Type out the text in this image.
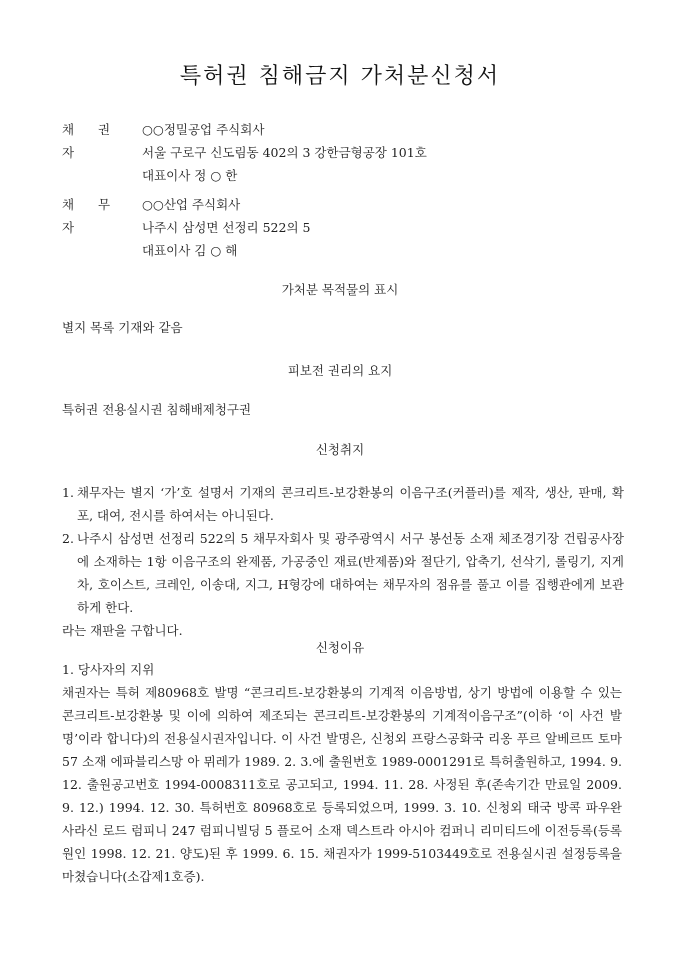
특허권 침해금지 가처분신청서
채 권 자
○○정밀공업 주식회사
서울 구로구 신도림동 402의 3 강한금형공장 101호
대표이사 정 ○ 한
채 무 자
○○산업 주식회사
나주시 삼성면 선정리 522의 5
대표이사 김 ○ 해
가처분 목적물의 표시
별지 목록 기재와 같음
피보전 권리의 요지
특허권 전용실시권 침해배제청구권
신청취지
1. 채무자는 별지 ‘가’호 설명서 기재의 콘크리트-보강환봉의 이음구조(커플러)를 제작, 생산, 판매, 확포, 대여, 전시를 하여서는 아니된다.
2. 나주시 삼성면 선정리 522의 5 채무자회사 및 광주광역시 서구 봉선동 소재 체조경기장 건립공사장에 소재하는 1항 이음구조의 완제품, 가공중인 재료(반제품)와 절단기, 압축기, 선삭기, 롤링기, 지게차, 호이스트, 크레인, 이송대, 지그, H형강에 대하여는 채무자의 점유를 풀고 이를 집행관에게 보관하게 한다.
라는 재판을 구합니다.
신청이유
1. 당사자의 지위
채권자는 특허 제80968호 발명 “콘크리트-보강환봉의 기계적 이음방법, 상기 방법에 이용할 수 있는 콘크리트-보강환봉 및 이에 의하여 제조되는 콘크리트-보강환봉의 기계적이음구조”(이하 ‘이 사건 발명’이라 합니다)의 전용실시권자입니다. 이 사건 발명은, 신청외 프랑스공화국 리옹 푸르 알베르뜨 토마 57 소재 에파블리스망 아 뮈레가 1989. 2. 3.에 출원번호 1989-0001291로 특허출원하고, 1994. 9. 12. 출원공고번호 1994-0008311호로 공고되고, 1994. 11. 28. 사정된 후(존속기간 만료일 2009. 9. 12.) 1994. 12. 30. 특허번호 80968호로 등록되었으며, 1999. 3. 10. 신청외 태국 방콕 파우완 사라신 로드 럼피니 247 럼피니빌딩 5 플로어 소재 덱스트라 아시아 컴퍼니 리미티드에 이전등록(등록원인 1998. 12. 21. 양도)된 후 1999. 6. 15. 채권자가 1999-5103449호로 전용실시권 설정등록을 마쳤습니다(소갑제1호증).
